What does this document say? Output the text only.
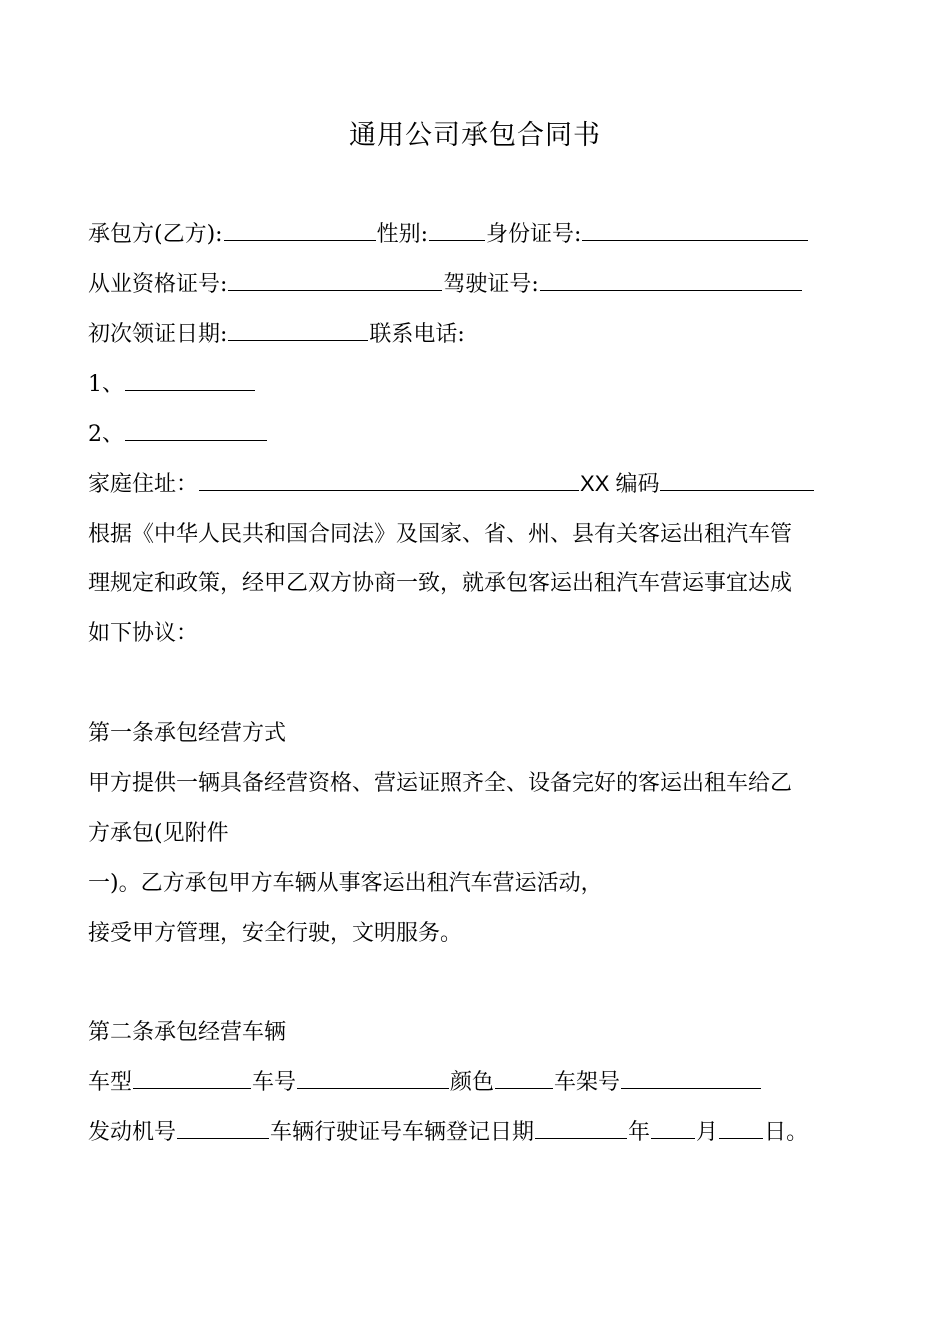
通用公司承包合同书
承包方(乙方):	性别:	身份证号:
从业资格证号:	驾驶证号:
初次领证日期:	联系电话:
1、
2、
家庭住址：	XX 编码
根据《中华人民共和国合同法》及国家、省、州、县有关客运出租汽车管
理规定和政策，经甲乙双方协商一致，就承包客运出租汽车营运事宜达成
如下协议：
第一条承包经营方式
甲方提供一辆具备经营资格、营运证照齐全、设备完好的客运出租车给乙
方承包(见附件
一)。乙方承包甲方车辆从事客运出租汽车营运活动，
接受甲方管理，安全行驶，文明服务。
第二条承包经营车辆
车型	车号	颜色	车架号
发动机号	车辆行驶证号车辆登记日期	年 月 日。
